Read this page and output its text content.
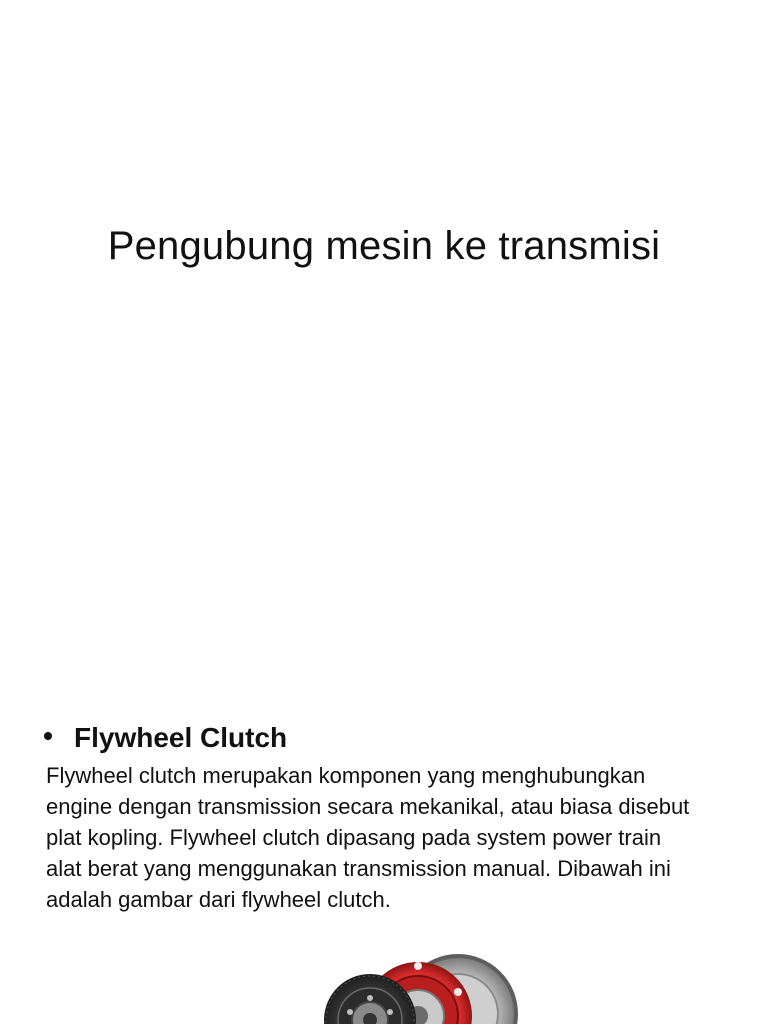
Pengubung mesin ke transmisi
Flywheel Clutch
Flywheel clutch merupakan komponen yang menghubungkan
engine dengan transmission secara mekanikal, atau biasa disebut
plat kopling. Flywheel clutch dipasang pada system power train
alat berat yang menggunakan transmission manual. Dibawah ini
adalah gambar dari flywheel clutch.
